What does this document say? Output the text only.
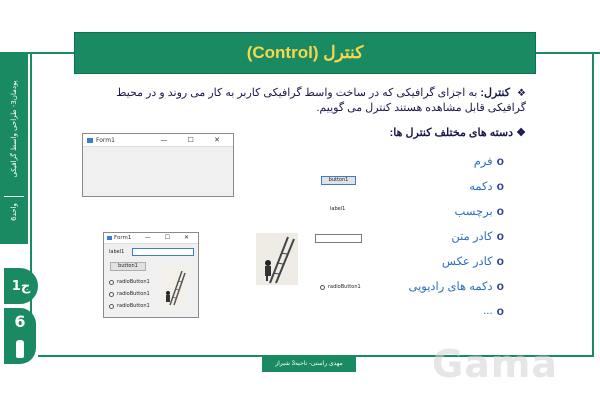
پودمان3- طراحی واسط گرافیکی
واحد6
ج1
6
کنترل (Control)
❖ کنترل: به اجزای گرافیکی که در ساخت واسط گرافیکی کاربر به کار می روند و در محیط گرافیکی قابل مشاهده هستند کنترل می گوییم.
❖ دسته های مختلف کنترل ها:
o
فرم
o
دکمه
o
برچسب
o
کادر متن
o
کادر عکس
o
دکمه های رادیویی
o
...
Form1	— ☐ ✕
Form1 — ☐ ✕
label1
button1
radioButton1
radioButton1
radioButton1
button1
label1
radioButton1
مهدی راستی- ناحیه3 شیراز	Gama
